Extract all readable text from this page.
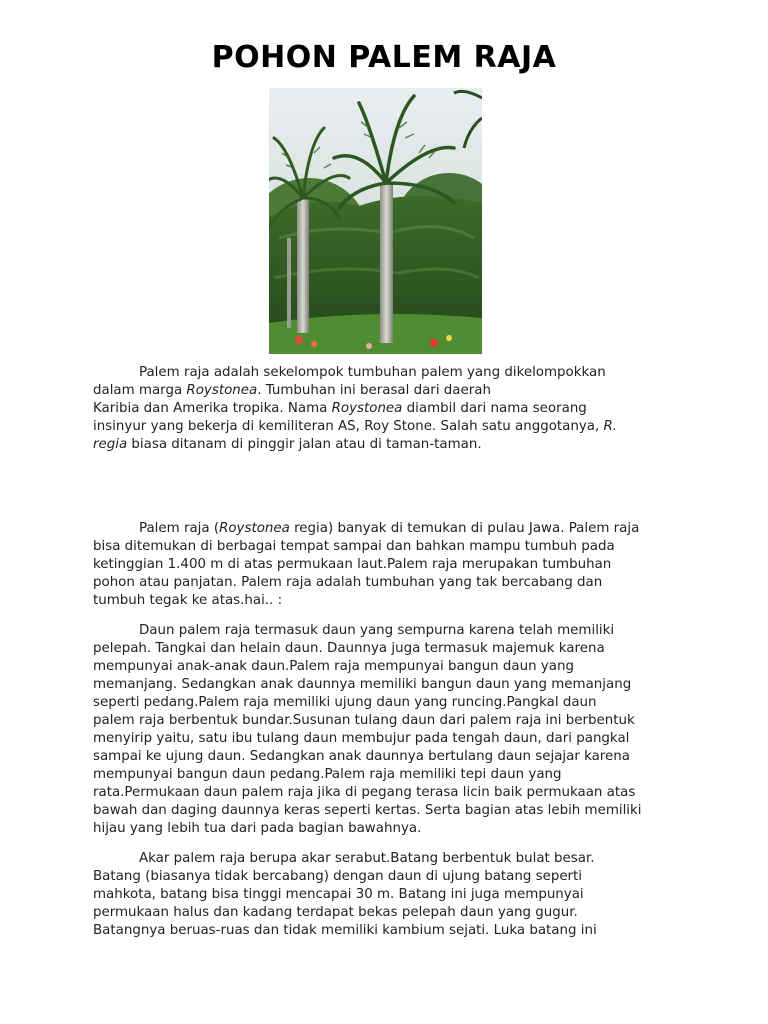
POHON PALEM RAJA

Palem raja adalah sekelompok tumbuhan palem yang dikelompokkan
dalam marga Roystonea. Tumbuhan ini berasal dari daerah
Karibia dan Amerika tropika. Nama Roystonea diambil dari nama seorang
insinyur yang bekerja di kemiliteran AS, Roy Stone. Salah satu anggotanya, R.
regia biasa ditanam di pinggir jalan atau di taman-taman.

Palem raja (Roystonea regia) banyak di temukan di pulau Jawa. Palem raja
bisa ditemukan di berbagai tempat sampai dan bahkan mampu tumbuh pada
ketinggian 1.400 m di atas permukaan laut.Palem raja merupakan tumbuhan
pohon atau panjatan. Palem raja adalah tumbuhan yang tak bercabang dan
tumbuh tegak ke atas.hai.. :

Daun palem raja termasuk daun yang sempurna karena telah memiliki
pelepah. Tangkai dan helain daun. Daunnya juga termasuk majemuk karena
mempunyai anak-anak daun.Palem raja mempunyai bangun daun yang
memanjang. Sedangkan anak daunnya memiliki bangun daun yang memanjang
seperti pedang.Palem raja memiliki ujung daun yang runcing.Pangkal daun
palem raja berbentuk bundar.Susunan tulang daun dari palem raja ini berbentuk
menyirip yaitu, satu ibu tulang daun membujur pada tengah daun, dari pangkal
sampai ke ujung daun. Sedangkan anak daunnya bertulang daun sejajar karena
mempunyai bangun daun pedang.Palem raja memiliki tepi daun yang
rata.Permukaan daun palem raja jika di pegang terasa licin baik permukaan atas
bawah dan daging daunnya keras seperti kertas. Serta bagian atas lebih memiliki
hijau yang lebih tua dari pada bagian bawahnya.

Akar palem raja berupa akar serabut.Batang berbentuk bulat besar.
Batang (biasanya tidak bercabang) dengan daun di ujung batang seperti
mahkota, batang bisa tinggi mencapai 30 m. Batang ini juga mempunyai
permukaan halus dan kadang terdapat bekas pelepah daun yang gugur.
Batangnya beruas-ruas dan tidak memiliki kambium sejati. Luka batang ini
